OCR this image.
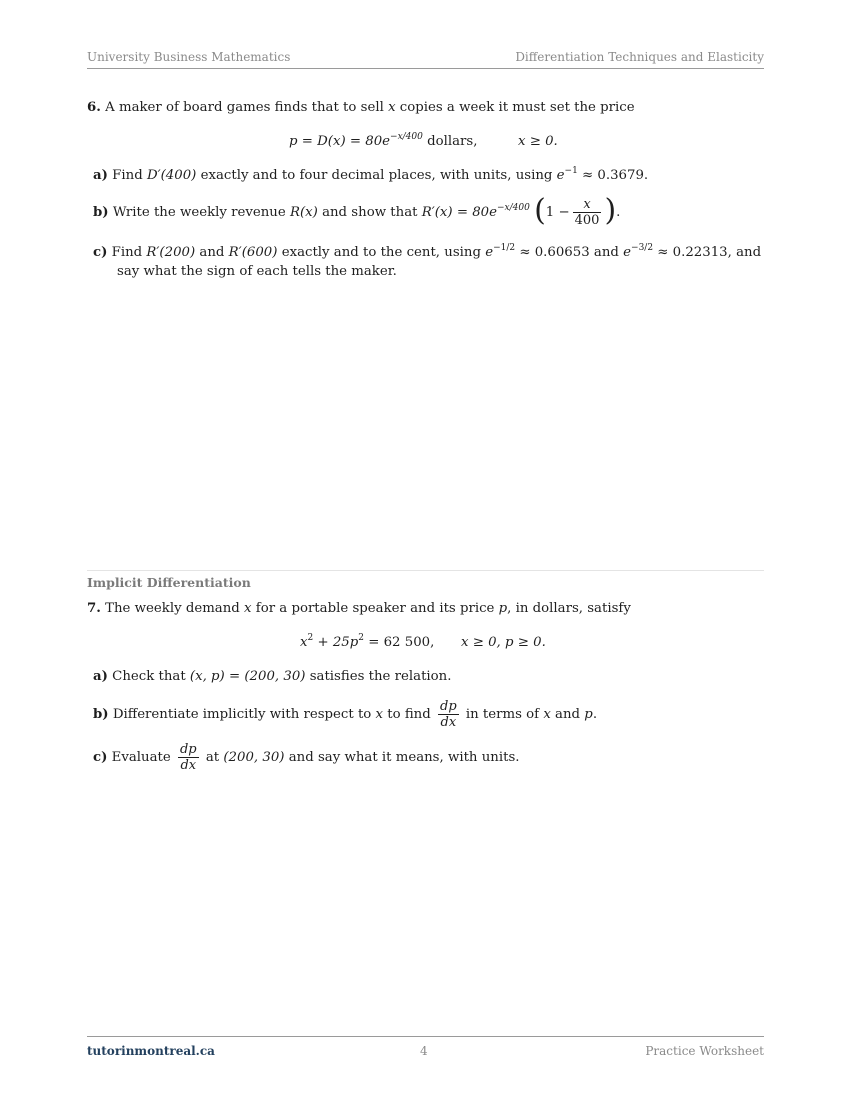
University Business Mathematics	Differentiation Techniques and Elasticity
6. A maker of board games finds that to sell x copies a week it must set the price
$p = D(x) = 80e^{-x/400}$ dollars,	x ≥ 0.
a) Find D′(400) exactly and to four decimal places, with units, using $e^{-1} \approx 0.3679$.
b) Write the weekly revenue R(x) and show that $R'(x) = 80e^{-x/400}$ ($1 - \frac{x}{400}$ ).
c) Find R′(200) and R′(600) exactly and to the cent, using $e^{-1/2} \approx 0.60653$ and $e^{-3/2} \approx 0.22313$, and
say what the sign of each tells the maker.
Implicit Differentiation
7. The weekly demand x for a portable speaker and its price p, in dollars, satisfy
$x^2 + 25p^2 = 62$ 500, x ≥ 0, p ≥ 0.
a) Check that (x, p) = (200, 30) satisfies the relation.
b) Differentiate implicitly with respect to x to find $\frac{dp}{dx}$ in terms of x and p.
c) Evaluate $\frac{dp}{dx}$ at (200, 30) and say what it means, with units.
tutorinmontreal.ca	4	Practice Worksheet
